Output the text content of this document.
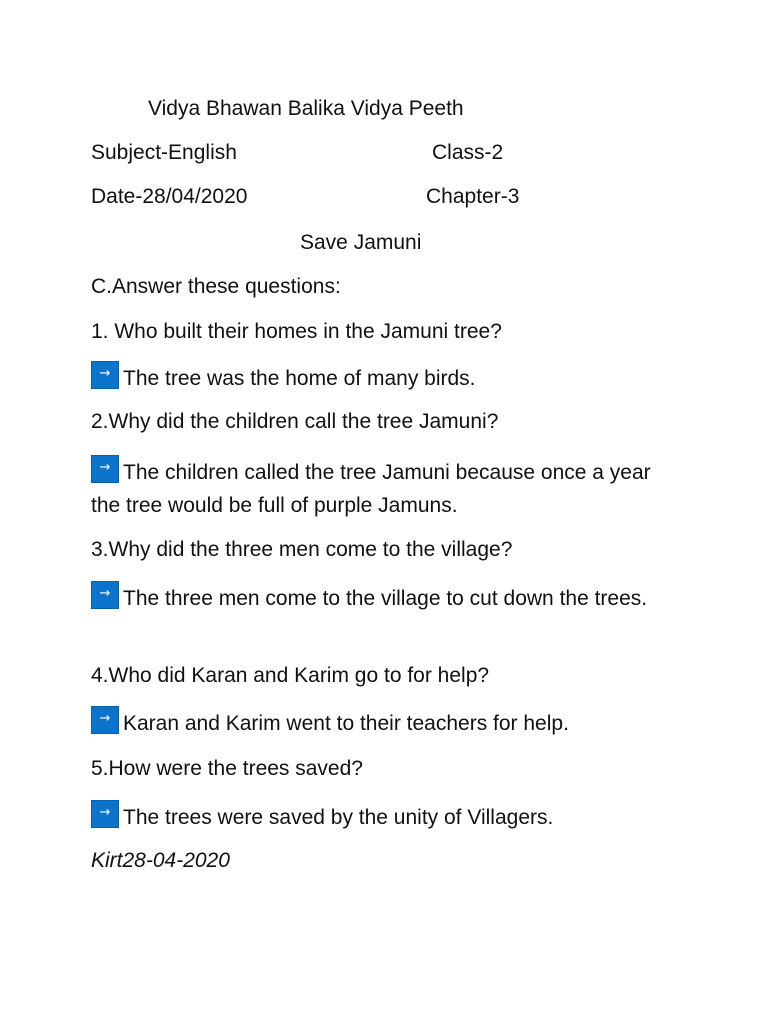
Vidya Bhawan Balika Vidya Peeth
Subject-English	Class-2
Date-28/04/2020	Chapter-3
Save Jamuni
C.Answer these questions:
1. Who built their homes in the Jamuni tree?
→ The tree was the home of many birds.
2.Why did the children call the tree Jamuni?
→ The children called the tree Jamuni because once a year the tree would be full of purple Jamuns.
3.Why did the three men come to the village?
→ The three men come to the village to cut down the trees.
4.Who did Karan and Karim go to for help?
→ Karan and Karim went to their teachers for help.
5.How were the trees saved?
→ The trees were saved by the unity of Villagers.
Kirt28-04-2020
